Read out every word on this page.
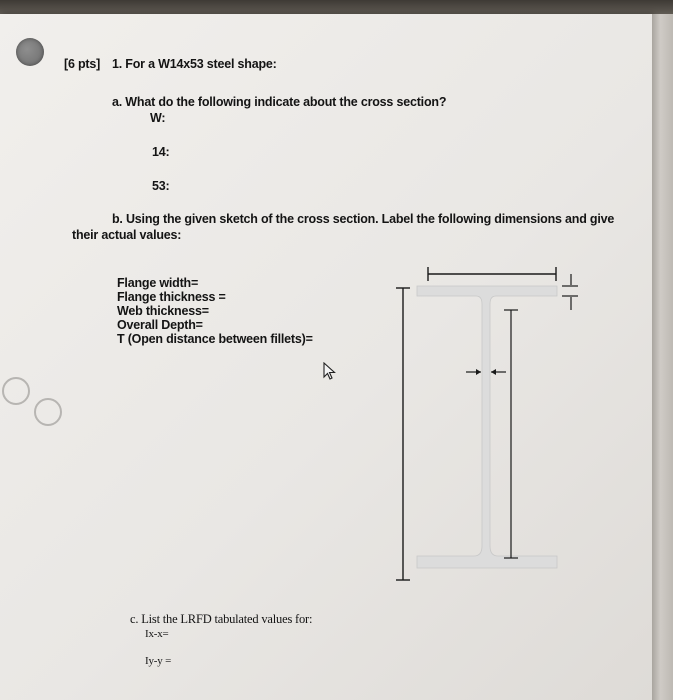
[6 pts] 1. For a W14x53 steel shape:

a. What do the following indicate about the cross section?

W:

14:

53:

b. Using the given sketch of the cross section. Label the following dimensions and give

their actual values:

Flange width=

Flange thickness =

Web thickness=

Overall Depth=

T (Open distance between fillets)=

c. List the LRFD tabulated values for:

Ix-x=

Iy-y =
